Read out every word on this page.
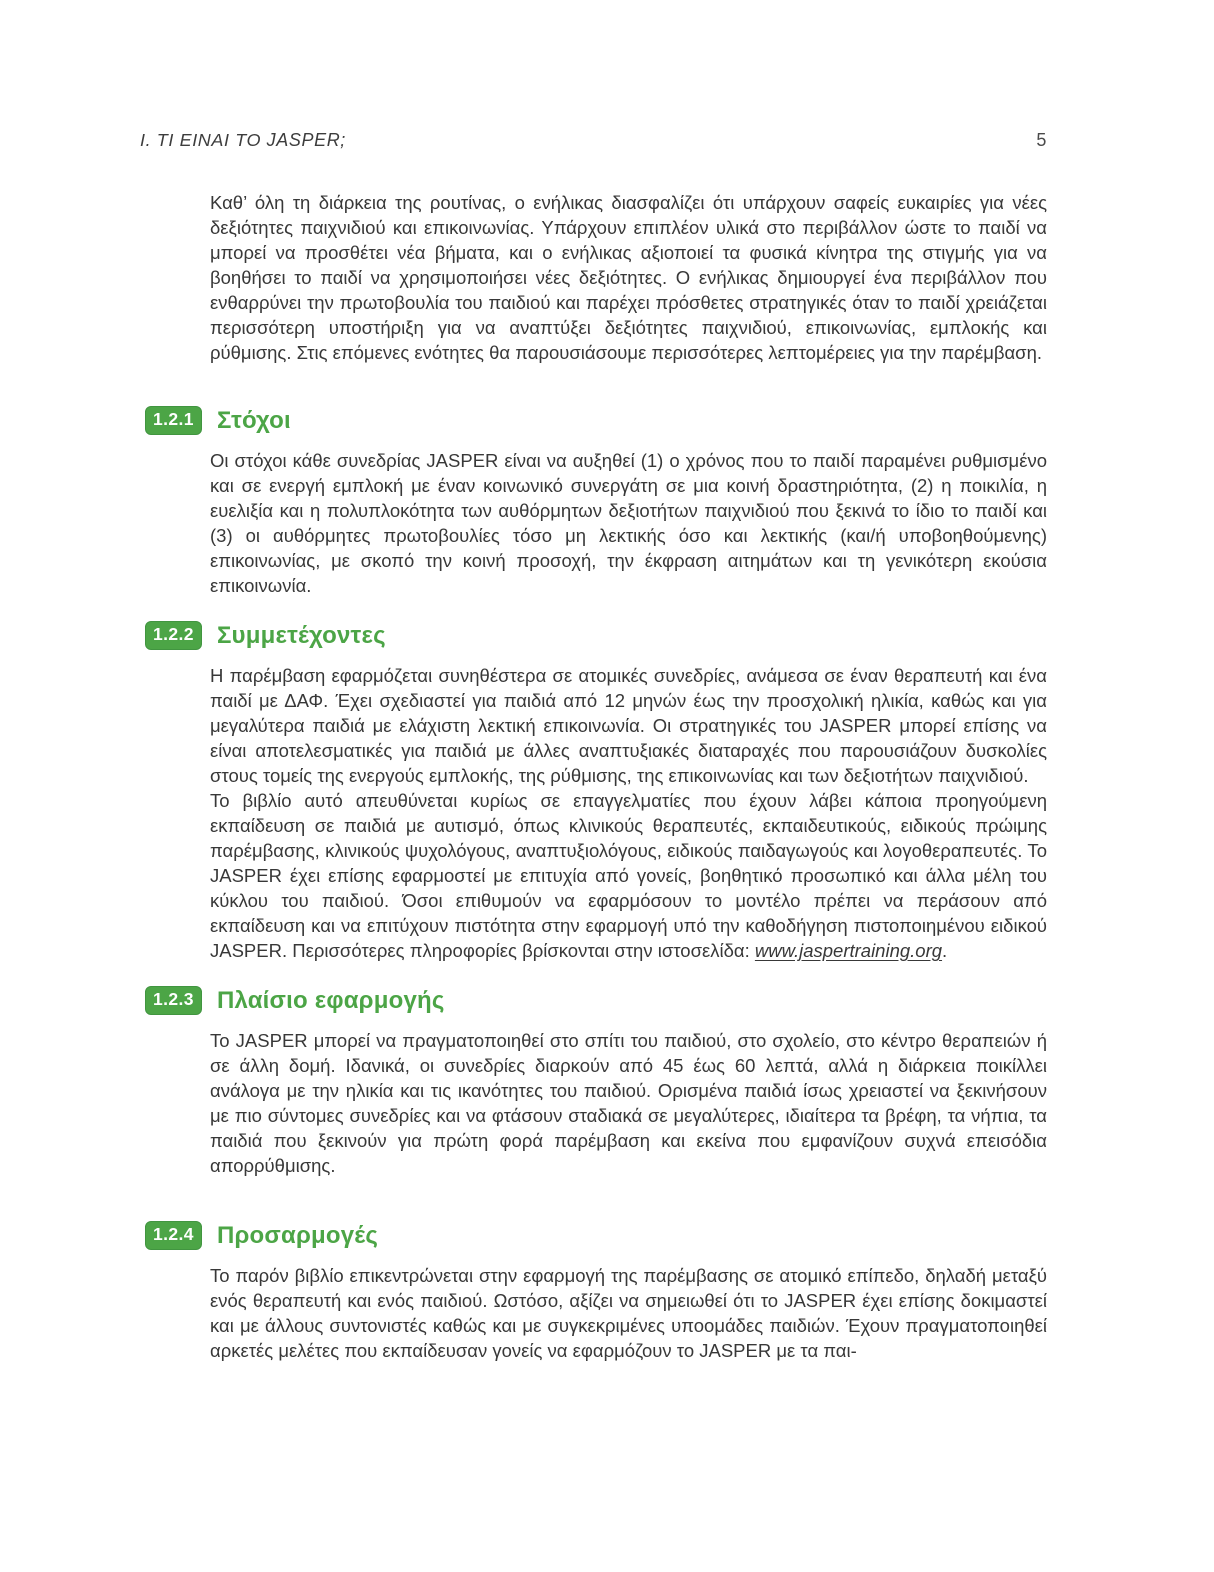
Ι. ΤΙ ΕΙΝΑΙ ΤΟ JASPER;	5

Καθ’ όλη τη διάρκεια της ρουτίνας, ο ενήλικας διασφαλίζει ότι υπάρχουν σαφείς ευκαιρίες για νέες δεξιότητες παιχνιδιού και επικοινωνίας. Υπάρχουν επιπλέον υλικά στο περιβάλλον ώστε το παιδί να μπορεί να προσθέτει νέα βήματα, και ο ενήλικας αξιοποιεί τα φυσικά κίνητρα της στιγμής για να βοηθήσει το παιδί να χρησιμοποιήσει νέες δεξιότητες. Ο ενήλικας δημιουργεί ένα περιβάλλον που ενθαρρύνει την πρωτοβουλία του παιδιού και παρέχει πρόσθετες στρατηγικές όταν το παιδί χρειάζεται περισσότερη υποστήριξη για να αναπτύξει δεξιότητες παιχνιδιού, επικοινωνίας, εμπλοκής και ρύθμισης. Στις επόμενες ενότητες θα παρουσιάσουμε περισσότερες λεπτομέρειες για την παρέμβαση.

1.2.1 Στόχοι

Οι στόχοι κάθε συνεδρίας JASPER είναι να αυξηθεί (1) ο χρόνος που το παιδί παραμένει ρυθμισμένο και σε ενεργή εμπλοκή με έναν κοινωνικό συνεργάτη σε μια κοινή δραστηριότητα, (2) η ποικιλία, η ευελιξία και η πολυπλοκότητα των αυθόρμητων δεξιοτήτων παιχνιδιού που ξεκινά το ίδιο το παιδί και (3) οι αυθόρμητες πρωτοβουλίες τόσο μη λεκτικής όσο και λεκτικής (και/ή υποβοηθούμενης) επικοινωνίας, με σκοπό την κοινή προσοχή, την έκφραση αιτημάτων και τη γενικότερη εκούσια επικοινωνία.

1.2.2 Συμμετέχοντες

Η παρέμβαση εφαρμόζεται συνηθέστερα σε ατομικές συνεδρίες, ανάμεσα σε έναν θεραπευτή και ένα παιδί με ΔΑΦ. Έχει σχεδιαστεί για παιδιά από 12 μηνών έως την προσχολική ηλικία, καθώς και για μεγαλύτερα παιδιά με ελάχιστη λεκτική επικοινωνία. Οι στρατηγικές του JASPER μπορεί επίσης να είναι αποτελεσματικές για παιδιά με άλλες αναπτυξιακές διαταραχές που παρουσιάζουν δυσκολίες στους τομείς της ενεργούς εμπλοκής, της ρύθμισης, της επικοινωνίας και των δεξιοτήτων παιχνιδιού.

Το βιβλίο αυτό απευθύνεται κυρίως σε επαγγελματίες που έχουν λάβει κάποια προηγούμενη εκπαίδευση σε παιδιά με αυτισμό, όπως κλινικούς θεραπευτές, εκπαιδευτικούς, ειδικούς πρώιμης παρέμβασης, κλινικούς ψυχολόγους, αναπτυξιολόγους, ειδικούς παιδαγωγούς και λογοθεραπευτές. Το JASPER έχει επίσης εφαρμοστεί με επιτυχία από γονείς, βοηθητικό προσωπικό και άλλα μέλη του κύκλου του παιδιού. Όσοι επιθυμούν να εφαρμόσουν το μοντέλο πρέπει να περάσουν από εκπαίδευση και να επιτύχουν πιστότητα στην εφαρμογή υπό την καθοδήγηση πιστοποιημένου ειδικού JASPER. Περισσότερες πληροφορίες βρίσκονται στην ιστοσελίδα: www.jaspertraining.org.

1.2.3 Πλαίσιο εφαρμογής

Το JASPER μπορεί να πραγματοποιηθεί στο σπίτι του παιδιού, στο σχολείο, στο κέντρο θεραπειών ή σε άλλη δομή. Ιδανικά, οι συνεδρίες διαρκούν από 45 έως 60 λεπτά, αλλά η διάρκεια ποικίλλει ανάλογα με την ηλικία και τις ικανότητες του παιδιού. Ορισμένα παιδιά ίσως χρειαστεί να ξεκινήσουν με πιο σύντομες συνεδρίες και να φτάσουν σταδιακά σε μεγαλύτερες, ιδιαίτερα τα βρέφη, τα νήπια, τα παιδιά που ξεκινούν για πρώτη φορά παρέμβαση και εκείνα που εμφανίζουν συχνά επεισόδια απορρύθμισης.

1.2.4 Προσαρμογές

Το παρόν βιβλίο επικεντρώνεται στην εφαρμογή της παρέμβασης σε ατομικό επίπεδο, δηλαδή μεταξύ ενός θεραπευτή και ενός παιδιού. Ωστόσο, αξίζει να σημειωθεί ότι το JASPER έχει επίσης δοκιμαστεί και με άλλους συντονιστές καθώς και με συγκεκριμένες υποομάδες παιδιών. Έχουν πραγματοποιηθεί αρκετές μελέτες που εκπαίδευσαν γονείς να εφαρμόζουν το JASPER με τα παι-
